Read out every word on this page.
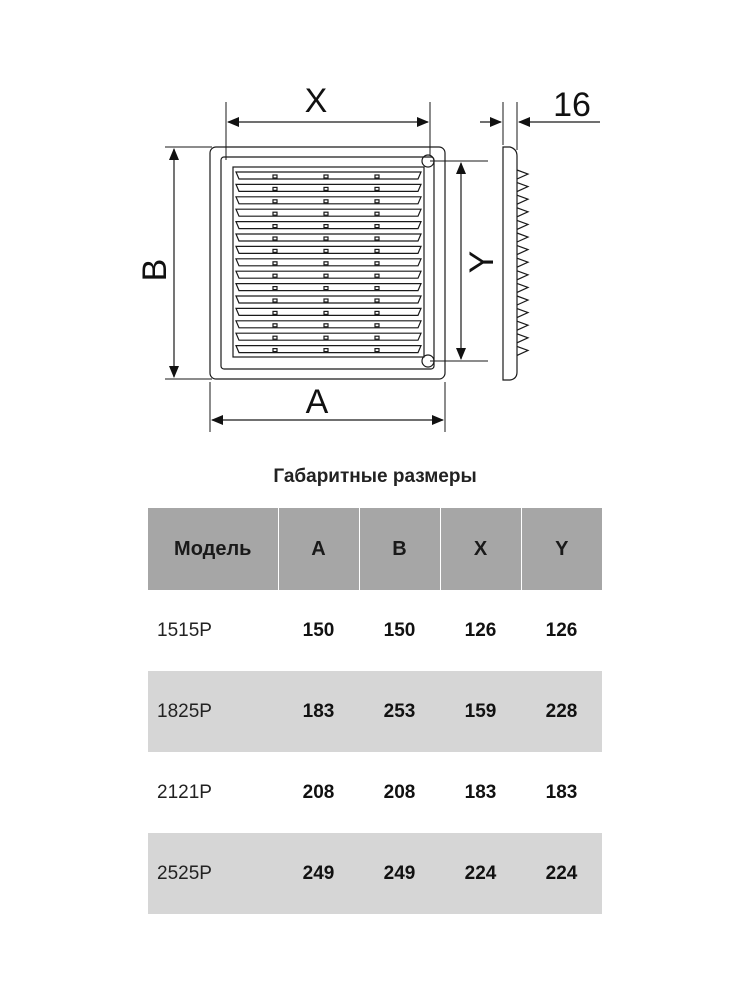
X
B	Y
A
16
Габаритные размеры
Модель	A	B	X	Y
1515P	150	150	126	126
1825P	183	253	159	228
2121P	208	208	183	183
2525P	249	249	224	224
